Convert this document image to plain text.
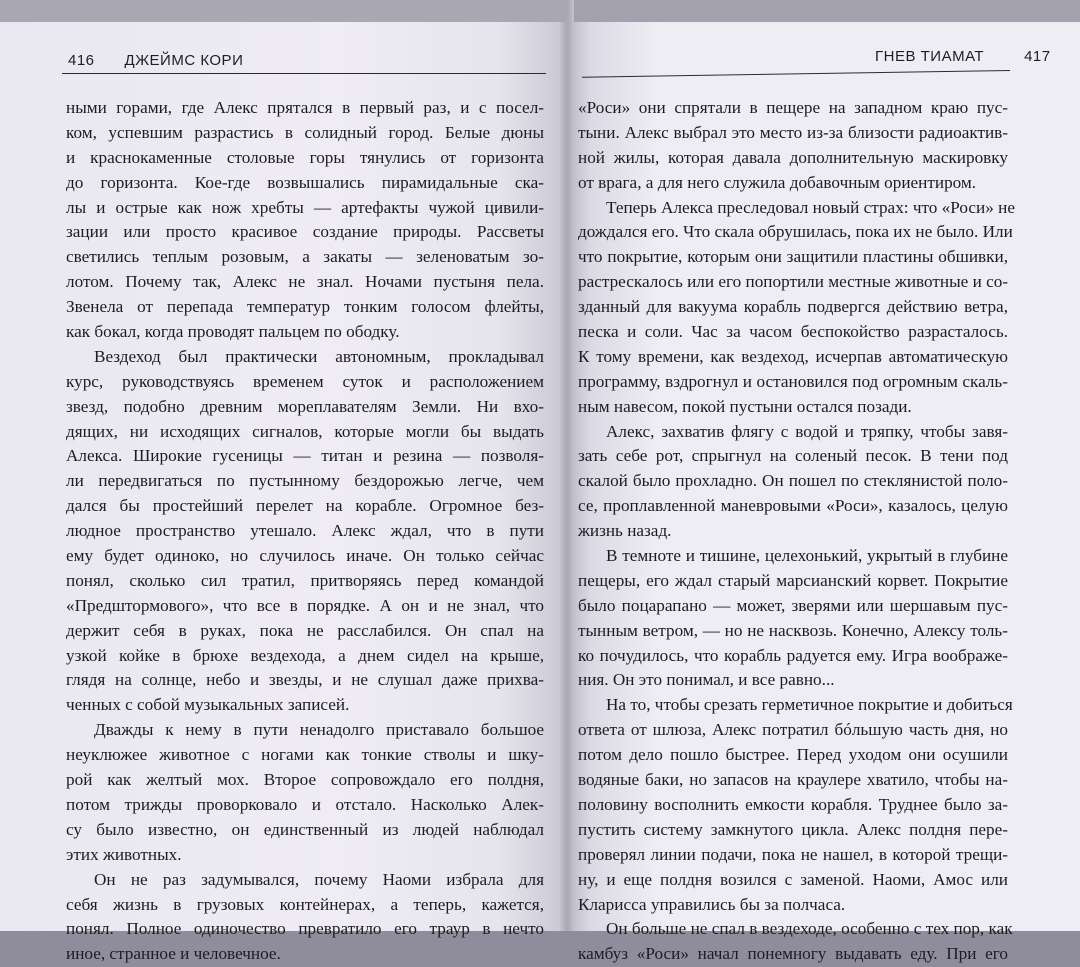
416 ДЖЕЙМС КОРИ	ГНЕВ ТИАМАТ	417
ными горами, где Алекс прятался в первый раз, и с посел-
ком, успевшим разрастись в солидный город. Белые дюны
и краснокаменные столовые горы тянулись от горизонта
до горизонта. Кое-где возвышались пирамидальные ска-
лы и острые как нож хребты — артефакты чужой цивили-
зации или просто красивое создание природы. Рассветы
светились теплым розовым, а закаты — зеленоватым зо-
лотом. Почему так, Алекс не знал. Ночами пустыня пела.
Звенела от перепада температур тонким голосом флейты,
как бокал, когда проводят пальцем по ободку.
Вездеход был практически автономным, прокладывал
курс, руководствуясь временем суток и расположением
звезд, подобно древним мореплавателям Земли. Ни вхо-
дящих, ни исходящих сигналов, которые могли бы выдать
Алекса. Широкие гусеницы — титан и резина — позволя-
ли передвигаться по пустынному бездорожью легче, чем
дался бы простейший перелет на корабле. Огромное без-
людное пространство утешало. Алекс ждал, что в пути
ему будет одиноко, но случилось иначе. Он только сейчас
понял, сколько сил тратил, притворяясь перед командой
«Предштормового», что все в порядке. А он и не знал, что
держит себя в руках, пока не расслабился. Он спал на
узкой койке в брюхе вездехода, а днем сидел на крыше,
глядя на солнце, небо и звезды, и не слушал даже прихва-
ченных с собой музыкальных записей.
Дважды к нему в пути ненадолго приставало большое
неуклюжее животное с ногами как тонкие стволы и шку-
рой как желтый мох. Второе сопровождало его полдня,
потом трижды проворковало и отстало. Насколько Алек-
су было известно, он единственный из людей наблюдал
этих животных.
Он не раз задумывался, почему Наоми избрала для
себя жизнь в грузовых контейнерах, а теперь, кажется,
понял. Полное одиночество превратило его траур в нечто
иное, странное и человечное.
«Роси» они спрятали в пещере на западном краю пус-
тыни. Алекс выбрал это место из-за близости радиоактив-
ной жилы, которая давала дополнительную маскировку
от врага, а для него служила добавочным ориентиром.
Теперь Алекса преследовал новый страх: что «Роси» не
дождался его. Что скала обрушилась, пока их не было. Или
что покрытие, которым они защитили пластины обшивки,
растрескалось или его попортили местные животные и со-
зданный для вакуума корабль подвергся действию ветра,
песка и соли. Час за часом беспокойство разрасталось.
К тому времени, как вездеход, исчерпав автоматическую
программу, вздрогнул и остановился под огромным скаль-
ным навесом, покой пустыни остался позади.
Алекс, захватив флягу с водой и тряпку, чтобы завя-
зать себе рот, спрыгнул на соленый песок. В тени под
скалой было прохладно. Он пошел по стеклянистой поло-
се, проплавленной маневровыми «Роси», казалось, целую
жизнь назад.
В темноте и тишине, целехонький, укрытый в глубине
пещеры, его ждал старый марсианский корвет. Покрытие
было поцарапано — может, зверями или шершавым пус-
тынным ветром, — но не насквозь. Конечно, Алексу толь-
ко почудилось, что корабль радуется ему. Игра воображе-
ния. Он это понимал, и все равно...
На то, чтобы срезать герметичное покрытие и добиться
ответа от шлюза, Алекс потратил бóльшую часть дня, но
потом дело пошло быстрее. Перед уходом они осушили
водяные баки, но запасов на краулере хватило, чтобы на-
половину восполнить емкости корабля. Труднее было за-
пустить систему замкнутого цикла. Алекс полдня пере-
проверял линии подачи, пока не нашел, в которой трещи-
ну, и еще полдня возился с заменой. Наоми, Амос или
Кларисса управились бы за полчаса.
Он больше не спал в вездеходе, особенно с тех пор, как
камбуз «Роси» начал понемногу выдавать еду. При его
